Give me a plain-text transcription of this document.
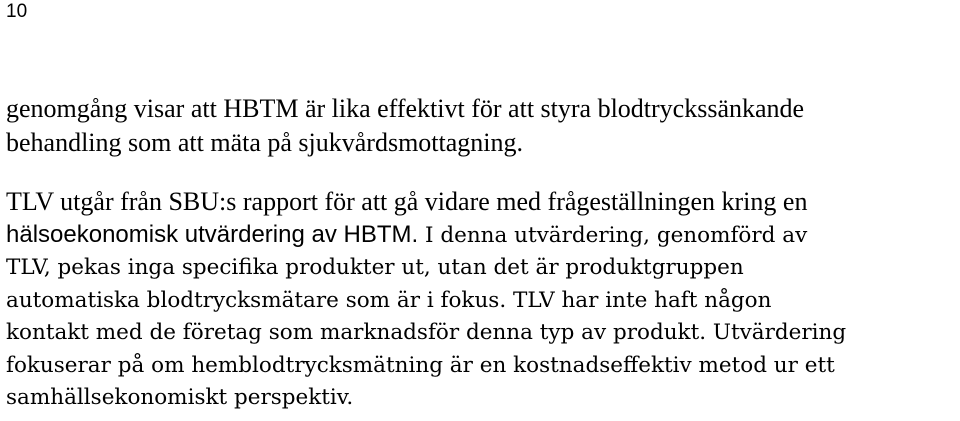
10

genomgång visar att HBTM är lika effektivt för att styra blodtryckssänkande
behandling som att mäta på sjukvårdsmottagning.

TLV utgår från SBU:s rapport för att gå vidare med frågeställningen kring en
hälsoekonomisk utvärdering av HBTM. I denna utvärdering, genomförd av
TLV, pekas inga specifika produkter ut, utan det är produktgruppen
automatiska blodtrycksmätare som är i fokus. TLV har inte haft någon
kontakt med de företag som marknadsför denna typ av produkt. Utvärdering
fokuserar på om hemblodtrycksmätning är en kostnadseffektiv metod ur ett
samhällsekonomiskt perspektiv.
